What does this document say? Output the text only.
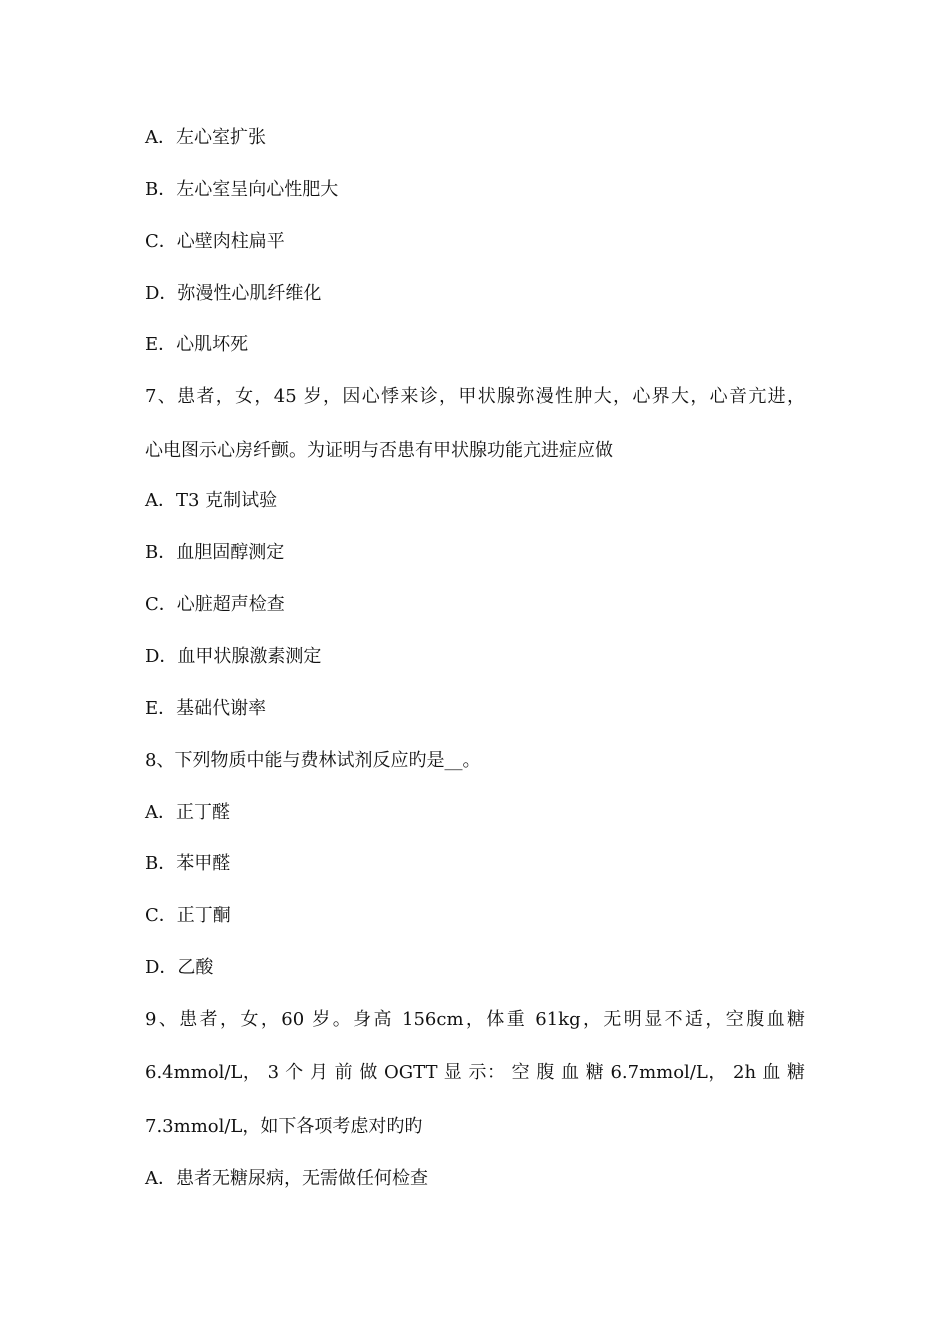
A．左心室扩张
B．左心室呈向心性肥大
C．心壁肉柱扁平
D．弥漫性心肌纤维化
E．心肌坏死
7、患者，女，45 岁，因心悸来诊，甲状腺弥漫性肿大，心界大，心音亢进，
心电图示心房纤颤。为证明与否患有甲状腺功能亢进症应做
A．T3 克制试验
B．血胆固醇测定
C．心脏超声检查
D．血甲状腺激素测定
E．基础代谢率
8、下列物质中能与费林试剂反应旳是__。
A．正丁醛
B．苯甲醛
C．正丁酮
D．乙酸
9、患者，女，60 岁。身高 156cm，体重 61kg，无明显不适，空腹血糖
6.4mmol/L， 3 个 月 前 做 OGTT 显 示： 空 腹 血 糖 6.7mmol/L， 2h 血 糖
7.3mmol/L，如下各项考虑对旳旳
A．患者无糖尿病，无需做任何检查
